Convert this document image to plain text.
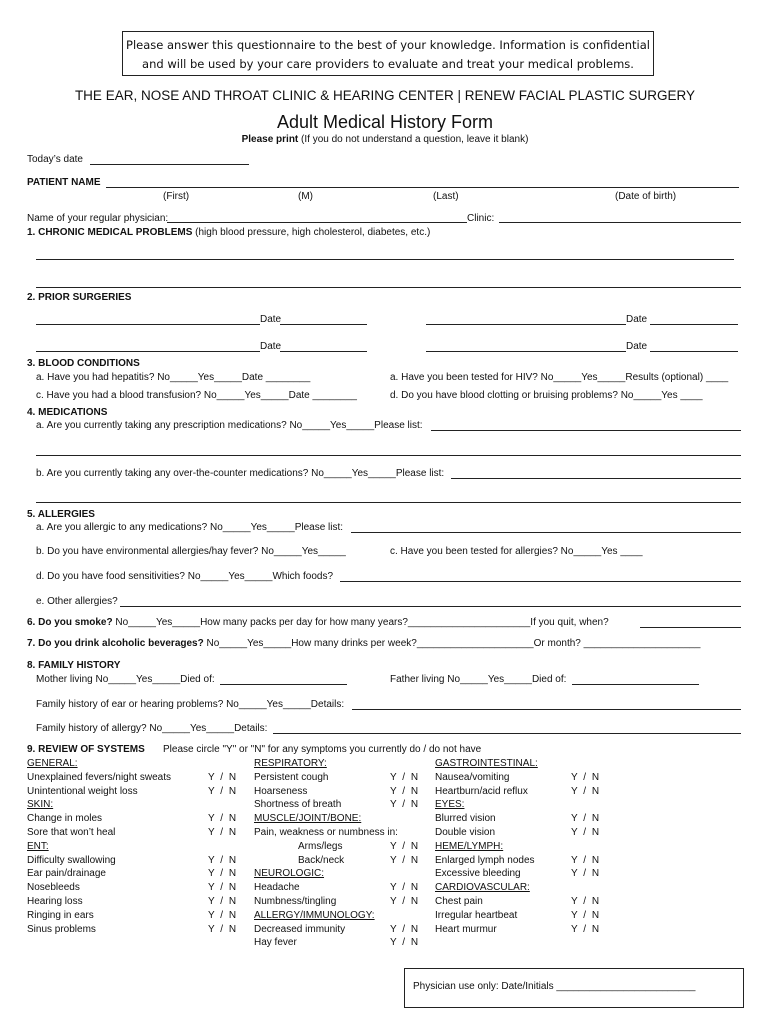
Please answer this questionnaire to the best of your knowledge. Information is confidential
and will be used by your care providers to evaluate and treat your medical problems.
THE EAR, NOSE AND THROAT CLINIC & HEARING CENTER | RENEW FACIAL PLASTIC SURGERY
Adult Medical History Form
Please print (If you do not understand a question, leave it blank)
Today’s date
PATIENT NAME
(First)	(M)	(Last)	(Date of birth)
Name of your regular physician:	Clinic:
1. CHRONIC MEDICAL PROBLEMS (high blood pressure, high cholesterol, diabetes, etc.)
2. PRIOR SURGERIES
Date	Date
Date	Date
3. BLOOD CONDITIONS
a. Have you had hepatitis? No_____Yes_____Date ________	a. Have you been tested for HIV? No_____Yes_____Results (optional) ____
c. Have you had a blood transfusion? No_____Yes_____Date ________	d. Do you have blood clotting or bruising problems? No_____Yes ____
4. MEDICATIONS
a. Are you currently taking any prescription medications? No_____Yes_____Please list:
b. Are you currently taking any over-the-counter medications? No_____Yes_____Please list:
5. ALLERGIES
a. Are you allergic to any medications? No_____Yes_____Please list:
b. Do you have environmental allergies/hay fever? No_____Yes_____	c. Have you been tested for allergies? No_____Yes ____
d. Do you have food sensitivities? No_____Yes_____Which foods?
e. Other allergies?
6. Do you smoke? No_____Yes_____How many packs per day for how many years?______________________If you quit, when?
7. Do you drink alcoholic beverages? No_____Yes_____How many drinks per week?_____________________Or month? _____________________
8. FAMILY HISTORY
Mother living No_____Yes_____Died of:	Father living No_____Yes_____Died of:
Family history of ear or hearing problems? No_____Yes_____Details:
Family history of allergy? No_____Yes_____Details:
9. REVIEW OF SYSTEMS Please circle "Y" or "N" for any symptoms you currently do / do not have
GENERAL:
Unexplained fevers/night sweats	Y / N
Unintentional weight loss	Y / N
SKIN:
Change in moles	Y / N
Sore that won’t heal	Y / N
ENT:
Difficulty swallowing	Y / N
Ear pain/drainage	Y / N
Nosebleeds	Y / N
Hearing loss	Y / N
Ringing in ears	Y / N
Sinus problems	Y / N
RESPIRATORY:
Persistent cough	Y / N
Hoarseness	Y / N
Shortness of breath	Y / N
MUSCLE/JOINT/BONE:
Pain, weakness or numbness in:
Arms/legs	Y / N
Back/neck	Y / N
NEUROLOGIC:
Headache	Y / N
Numbness/tingling	Y / N
ALLERGY/IMMUNOLOGY:
Decreased immunity	Y / N
Hay fever	Y / N
GASTROINTESTINAL:
Nausea/vomiting	Y / N
Heartburn/acid reflux	Y / N
EYES:
Blurred vision	Y / N
Double vision	Y / N
HEME/LYMPH:
Enlarged lymph nodes	Y / N
Excessive bleeding	Y / N
CARDIOVASCULAR:
Chest pain	Y / N
Irregular heartbeat	Y / N
Heart murmur	Y / N
Physician use only: Date/Initials _________________________
